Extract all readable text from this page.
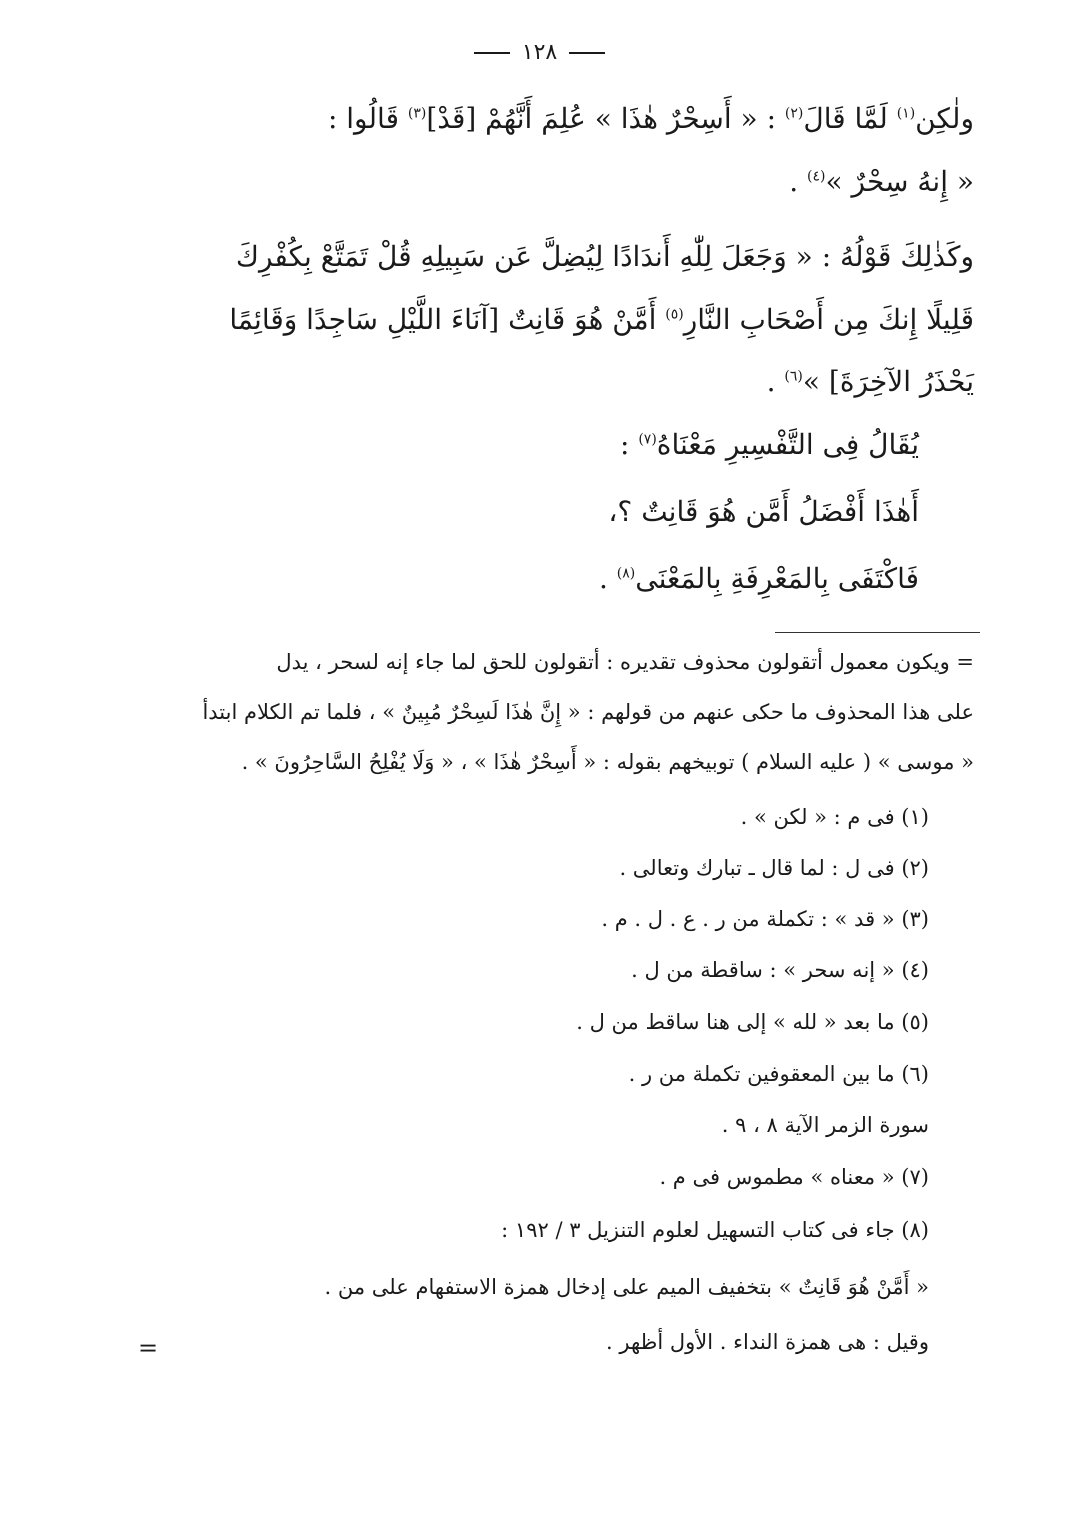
١٢٨
ولٰكِن$^{(١)}$ لَمَّا قَالَ$^{(٢)}$ : « أَسِحْرٌ هٰذَا » عُلِمَ أَنَّهُمْ [قَدْ]$^{(٣)}$ قَالُوا :
« إِنهُ سِحْرٌ »$^{(٤)}$ .
وكَذٰلِكَ قَوْلُهُ : « وَجَعَلَ لِلّٰهِ أَندَادًا لِيُضِلَّ عَن سَبِيلِهِ قُلْ تَمَتَّعْ بِكُفْرِكَ
قَلِيلًا إِنكَ مِن أَصْحَابِ النَّارِ$^{(٥)}$ أَمَّنْ هُوَ قَانِتٌ [آنَاءَ اللَّيْلِ سَاجِدًا وَقَائِمًا
يَحْذَرُ الآخِرَةَ] »$^{(٦)}$ .
يُقَالُ فِى التَّفْسِيرِ مَعْنَاهُ$^{(٧)}$ :
أَهٰذَا أَفْضَلُ أَمَّن هُوَ قَانِتٌ ؟،
فَاكْتَفَى بِالمَعْرِفَةِ بِالمَعْنَى$^{(٨)}$ .
= ويكون معمول أتقولون محذوف تقديره : أتقولون للحق لما جاء إنه لسحر ، يدل
على هذا المحذوف ما حكى عنهم من قولهم : « إِنَّ هٰذَا لَسِحْرٌ مُبِينٌ » ، فلما تم الكلام ابتدأ
« موسى » ( عليه السلام ) توبيخهم بقوله : « أَسِحْرٌ هٰذَا » ، « وَلَا يُفْلِحُ السَّاحِرُونَ » .
(١) فى م : « لكن » .
(٢) فى ل : لما قال ـ تبارك وتعالى .
(٣) « قد » : تكملة من ر . ع . ل . م .
(٤) « إنه سحر » : ساقطة من ل .
(٥) ما بعد « لله » إلى هنا ساقط من ل .
(٦) ما بين المعقوفين تكملة من ر .
سورة الزمر الآية ٨ ، ٩ .
(٧) « معناه » مطموس فى م .
(٨) جاء فى كتاب التسهيل لعلوم التنزيل ٣ / ١٩٢ :
« أَمَّنْ هُوَ قَانِتٌ » بتخفيف الميم على إدخال همزة الاستفهام على من .
وقيل : هى همزة النداء . الأول أظهر .
=
